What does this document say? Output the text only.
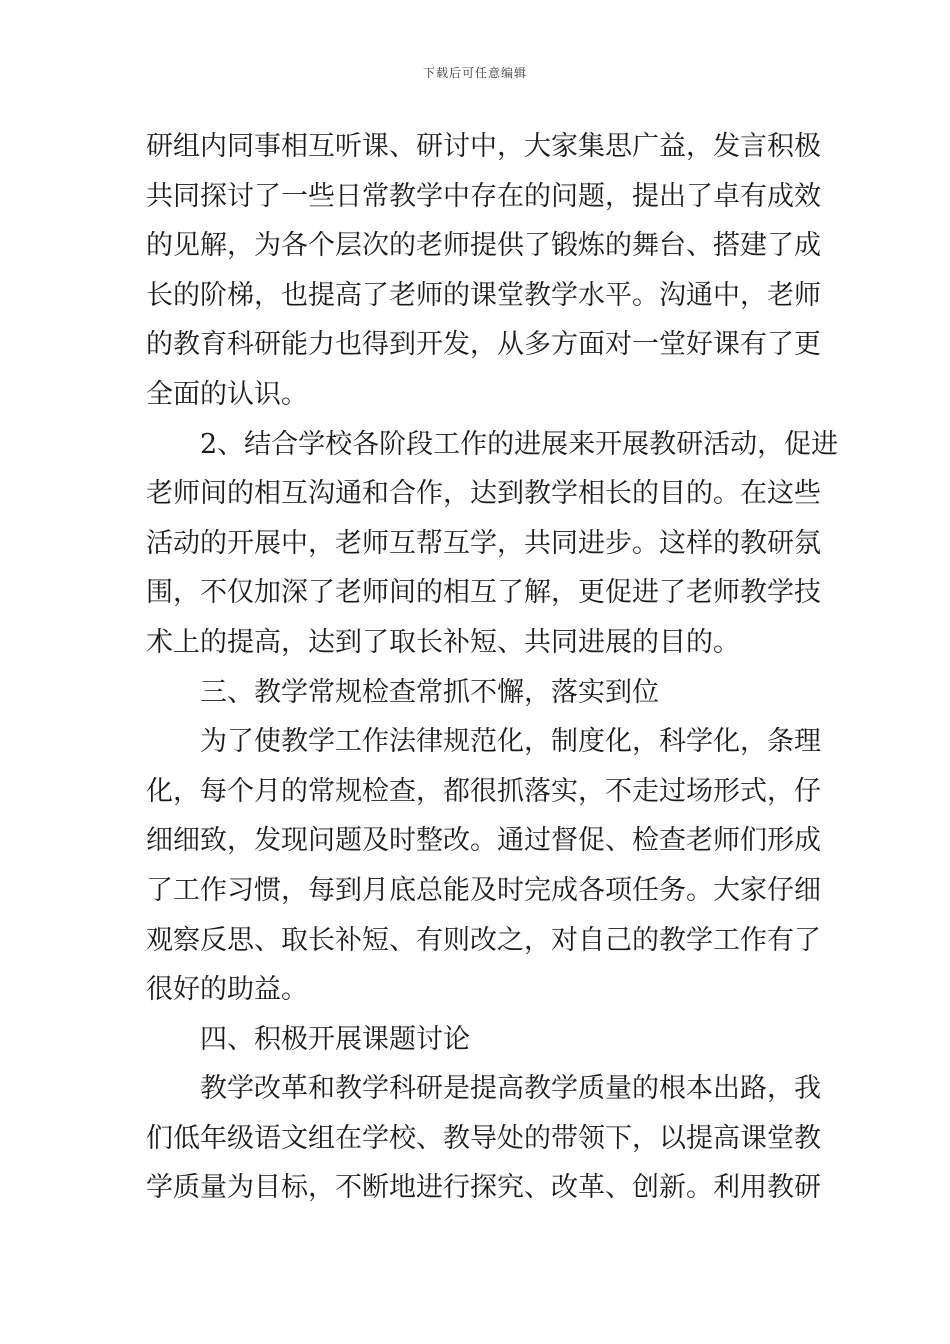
下载后可任意编辑
研组内同事相互听课、研讨中，大家集思广益，发言积极
共同探讨了一些日常教学中存在的问题，提出了卓有成效
的见解，为各个层次的老师提供了锻炼的舞台、搭建了成
长的阶梯，也提高了老师的课堂教学水平。沟通中，老师
的教育科研能力也得到开发，从多方面对一堂好课有了更
全面的认识。
2、结合学校各阶段工作的进展来开展教研活动，促进
老师间的相互沟通和合作，达到教学相长的目的。在这些
活动的开展中，老师互帮互学，共同进步。这样的教研氛
围，不仅加深了老师间的相互了解，更促进了老师教学技
术上的提高，达到了取长补短、共同进展的目的。
三、教学常规检查常抓不懈，落实到位
为了使教学工作法律规范化，制度化，科学化，条理
化，每个月的常规检查，都很抓落实，不走过场形式，仔
细细致，发现问题及时整改。通过督促、检查老师们形成
了工作习惯，每到月底总能及时完成各项任务。大家仔细
观察反思、取长补短、有则改之，对自己的教学工作有了
很好的助益。
四、积极开展课题讨论
教学改革和教学科研是提高教学质量的根本出路，我
们低年级语文组在学校、教导处的带领下，以提高课堂教
学质量为目标，不断地进行探究、改革、创新。利用教研
